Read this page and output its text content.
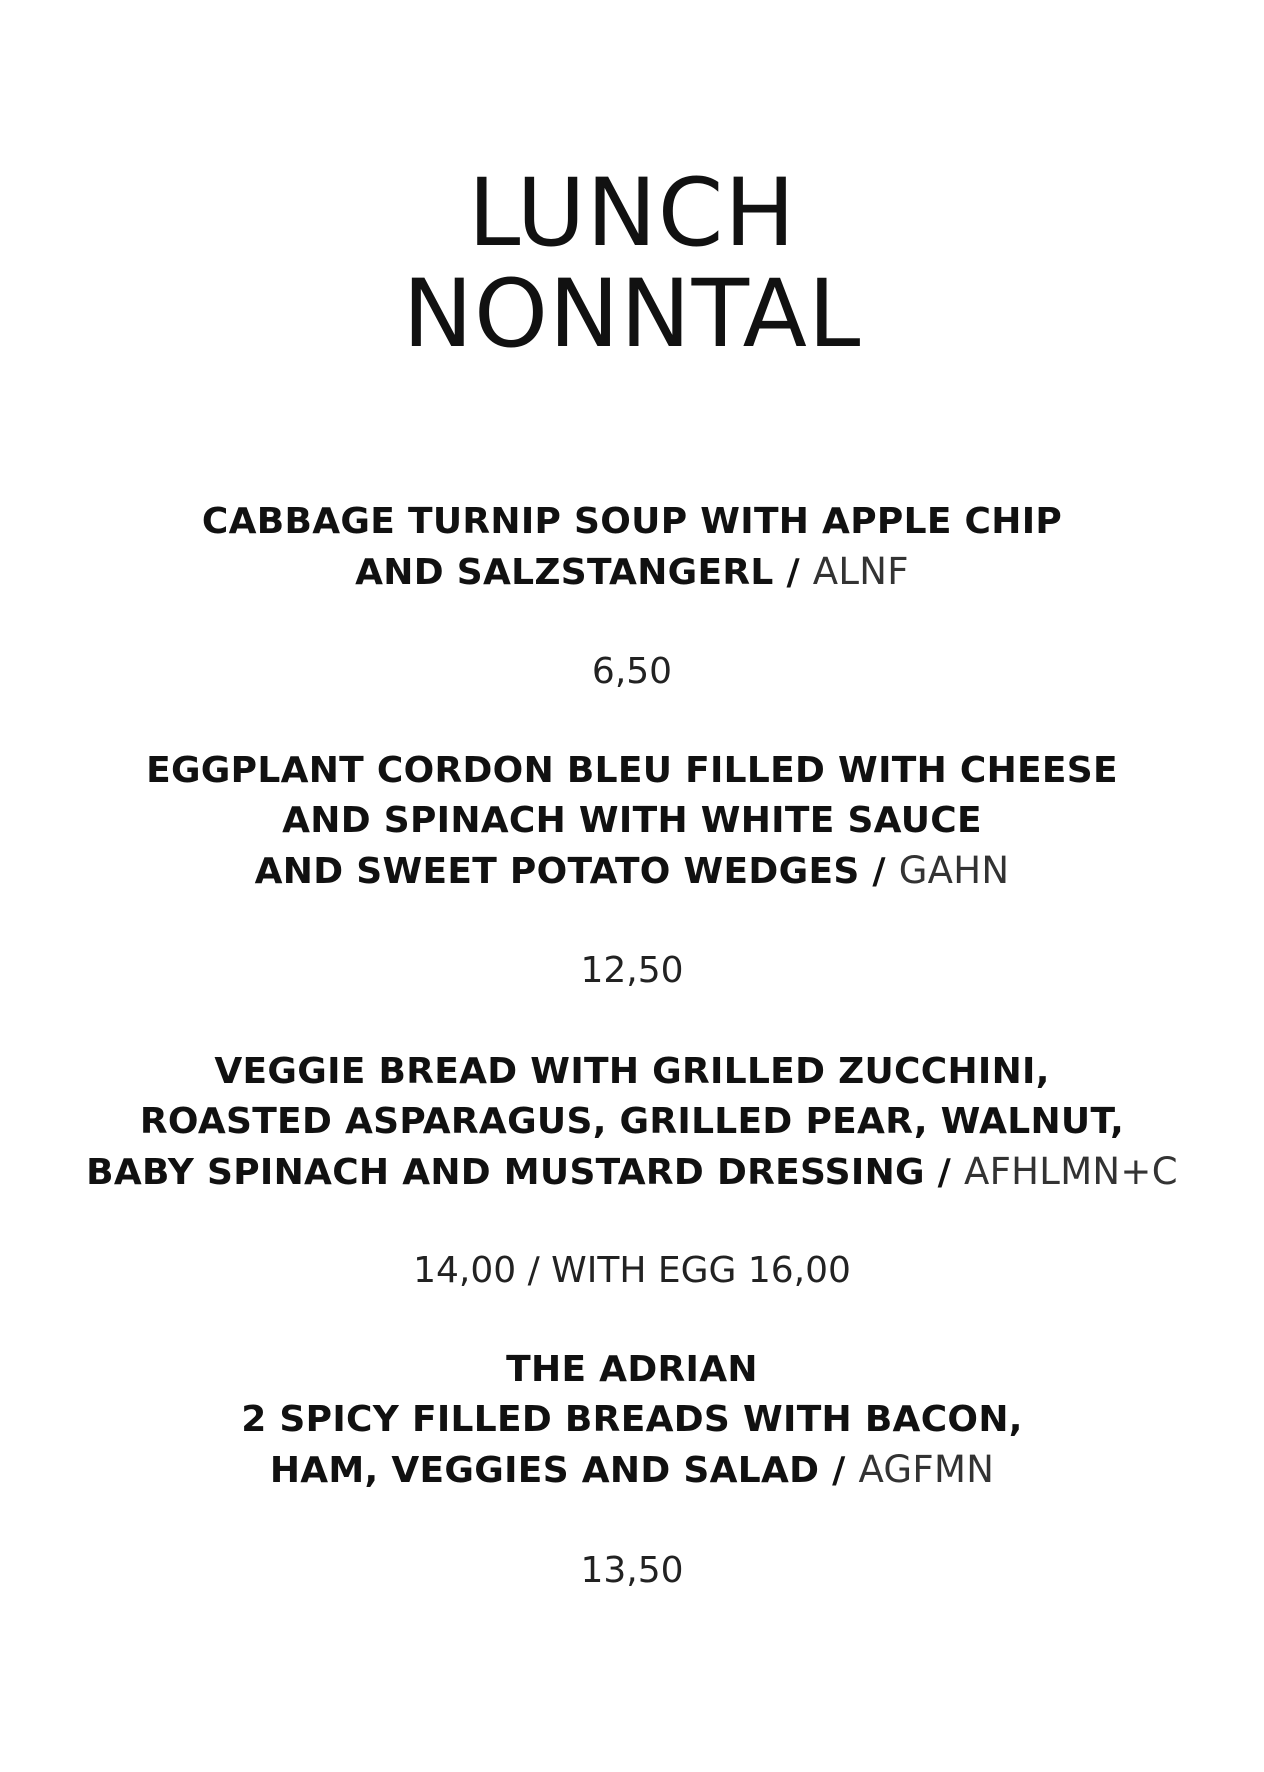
LUNCH
NONNTAL
CABBAGE TURNIP SOUP WITH APPLE CHIP
AND SALZSTANGERL / ALNF
6,50
EGGPLANT CORDON BLEU FILLED WITH CHEESE
AND SPINACH WITH WHITE SAUCE
AND SWEET POTATO WEDGES / GAHN
12,50
VEGGIE BREAD WITH GRILLED ZUCCHINI,
ROASTED ASPARAGUS, GRILLED PEAR, WALNUT,
BABY SPINACH AND MUSTARD DRESSING / AFHLMN+C
14,00 / WITH EGG 16,00
THE ADRIAN
2 SPICY FILLED BREADS WITH BACON,
HAM, VEGGIES AND SALAD / AGFMN
13,50
